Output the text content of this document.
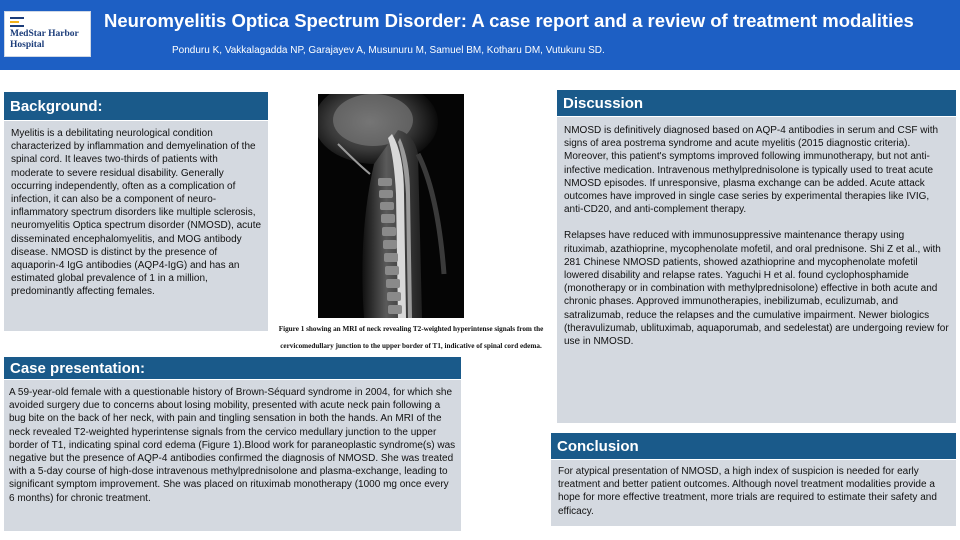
MedStar Harbor
Hospital
Neuromyelitis Optica Spectrum Disorder: A case report and a review of treatment modalities
Ponduru K, Vakkalagadda NP, Garajayev A, Musunuru M, Samuel BM, Kotharu DM, Vutukuru SD.
Background:

Myelitis is a debilitating neurological condition characterized by inflammation and demyelination of the spinal cord. It leaves two-thirds of patients with moderate to severe residual disability. Generally occurring independently, often as a complication of infection, it can also be a component of neuro-inflammatory spectrum disorders like multiple sclerosis, neuromyelitis Optica spectrum disorder (NMOSD), acute disseminated encephalomyelitis, and MOG antibody disease. NMOSD is distinct by the presence of aquaporin-4 IgG antibodies (AQP4-IgG) and has an estimated global prevalence of 1 in a million, predominantly affecting females.

Figure 1 showing an MRI of neck revealing T2-weighted hyperintense signals from the cervicomedullary junction to the upper border of T1, indicative of spinal cord edema.
Case presentation:

A 59-year-old female with a questionable history of Brown-Séquard syndrome in 2004, for which she avoided surgery due to concerns about losing mobility, presented with acute neck pain following a bug bite on the back of her neck, with pain and tingling sensation in both the hands. An MRI of the neck revealed T2-weighted hyperintense signals from the cervico medullary junction to the upper border of T1, indicating spinal cord edema (Figure 1).Blood work for paraneoplastic syndrome(s) was negative but the presence of AQP-4 antibodies confirmed the diagnosis of NMOSD. She was treated with a 5-day course of high-dose intravenous methylprednisolone and plasma-exchange, leading to significant symptom improvement. She was placed on rituximab monotherapy (1000 mg once every 6 months) for chronic treatment.

Discussion

NMOSD is definitively diagnosed based on AQP-4 antibodies in serum and CSF with signs of area postrema syndrome and acute myelitis (2015 diagnostic criteria). Moreover, this patient's symptoms improved following immunotherapy, but not anti-infective medication. Intravenous methylprednisolone is typically used to treat acute NMOSD episodes. If unresponsive, plasma exchange can be added. Acute attack outcomes have improved in single case series by experimental therapies like IVIG, anti-CD20, and anti-complement therapy.

Relapses have reduced with immunosuppressive maintenance therapy using rituximab, azathioprine, mycophenolate mofetil, and oral prednisone. Shi Z et al., with 281 Chinese NMOSD patients, showed azathioprine and mycophenolate mofetil lowered disability and relapse rates. Yaguchi H et al. found cyclophosphamide (monotherapy or in combination with methylprednisolone) effective in both acute and chronic phases. Approved immunotherapies, inebilizumab, eculizumab, and satralizumab, reduce the relapses and the cumulative impairment. Newer biologics (theravulizumab, ublituximab, aquaporumab, and sedelestat) are undergoing review for use in NMOSD.

Conclusion

For atypical presentation of NMOSD, a high index of suspicion is needed for early treatment and better patient outcomes. Although novel treatment modalities provide a hope for more effective treatment, more trials are required to estimate their safety and efficacy.
